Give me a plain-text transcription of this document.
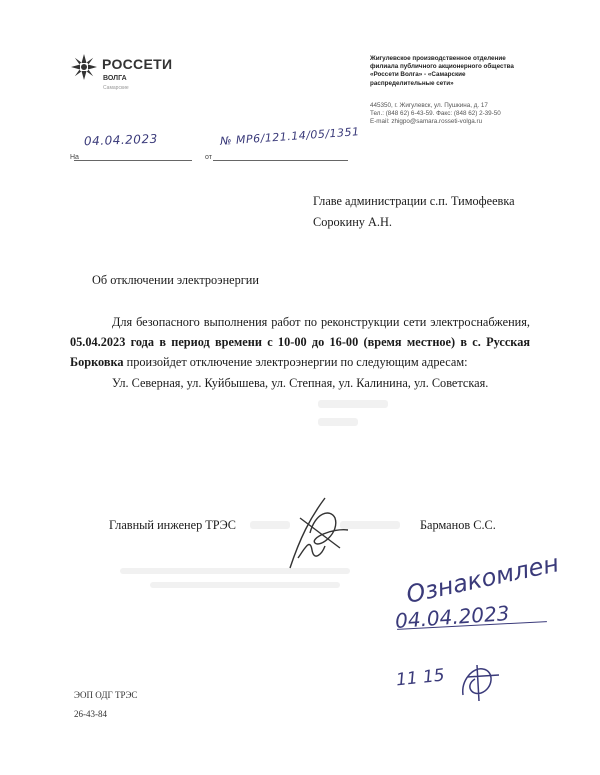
РОССЕТИ
ВОЛГА
Самарские
Жигулевское производственное отделение
филиала публичного акционерного общества
«Россети Волга» - «Самарские
распределительные сети»
445350, г. Жигулевск, ул. Пушкина, д. 17
Тел.: (848 62) 6-43-59. Факс: (848 62) 2-39-50
E-mail: zhigpo@samara.rosseti-volga.ru
04.04.2023	№ МР6/121.14/05/1351
На	от
Главе администрации с.п. Тимофеевка
Сорокину А.Н.
Об отключении электроэнергии

Для безопасного выполнения работ по реконструкции сети электроснабжения, 05.04.2023 года в период времени с 10-00 до 16-00 (время местное) в с. Русская Борковка произойдет отключение электроэнергии по следующим адресам:

Ул. Северная, ул. Куйбышева, ул. Степная, ул. Калинина, ул. Советская.

Главный инженер ТРЭС	Барманов С.С.
Ознакомлен
04.04.2023
11 15
ЭОП ОДГ ТРЭС
26-43-84
